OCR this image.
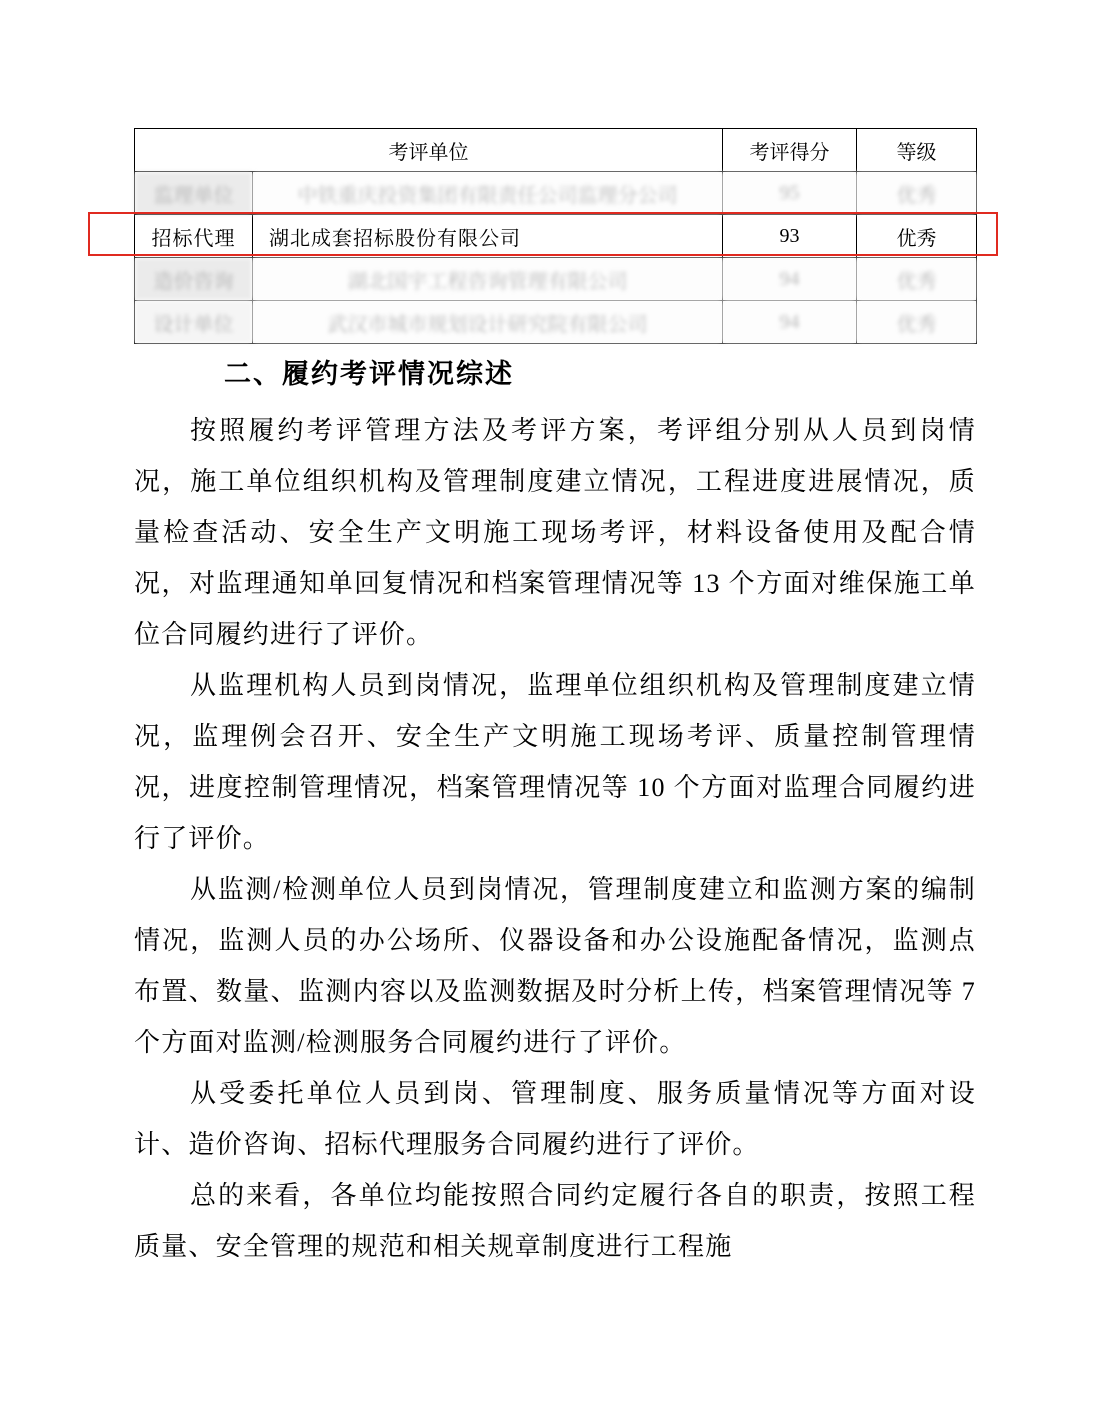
考评单位		考评得分	等级
监理单位	中铁重庆投资集团有限责任公司监理分公司	95	优秀
招标代理	湖北成套招标股份有限公司	93	优秀
造价咨询	湖北国宇工程咨询管理有限公司	94	优秀
设计单位	武汉市城市规划设计研究院有限公司	94	优秀
二、履约考评情况综述

按照履约考评管理方法及考评方案，考评组分别从人员到岗情况，施工单位组织机构及管理制度建立情况，工程进度进展情况，质量检查活动、安全生产文明施工现场考评，材料设备使用及配合情况，对监理通知单回复情况和档案管理情况等 13 个方面对维保施工单位合同履约进行了评价。

从监理机构人员到岗情况，监理单位组织机构及管理制度建立情况，监理例会召开、安全生产文明施工现场考评、质量控制管理情况，进度控制管理情况，档案管理情况等 10 个方面对监理合同履约进行了评价。

从监测/检测单位人员到岗情况，管理制度建立和监测方案的编制情况，监测人员的办公场所、仪器设备和办公设施配备情况，监测点布置、数量、监测内容以及监测数据及时分析上传，档案管理情况等 7 个方面对监测/检测服务合同履约进行了评价。

从受委托单位人员到岗、管理制度、服务质量情况等方面对设计、造价咨询、招标代理服务合同履约进行了评价。

总的来看，各单位均能按照合同约定履行各自的职责，按照工程质量、安全管理的规范和相关规章制度进行工程施
